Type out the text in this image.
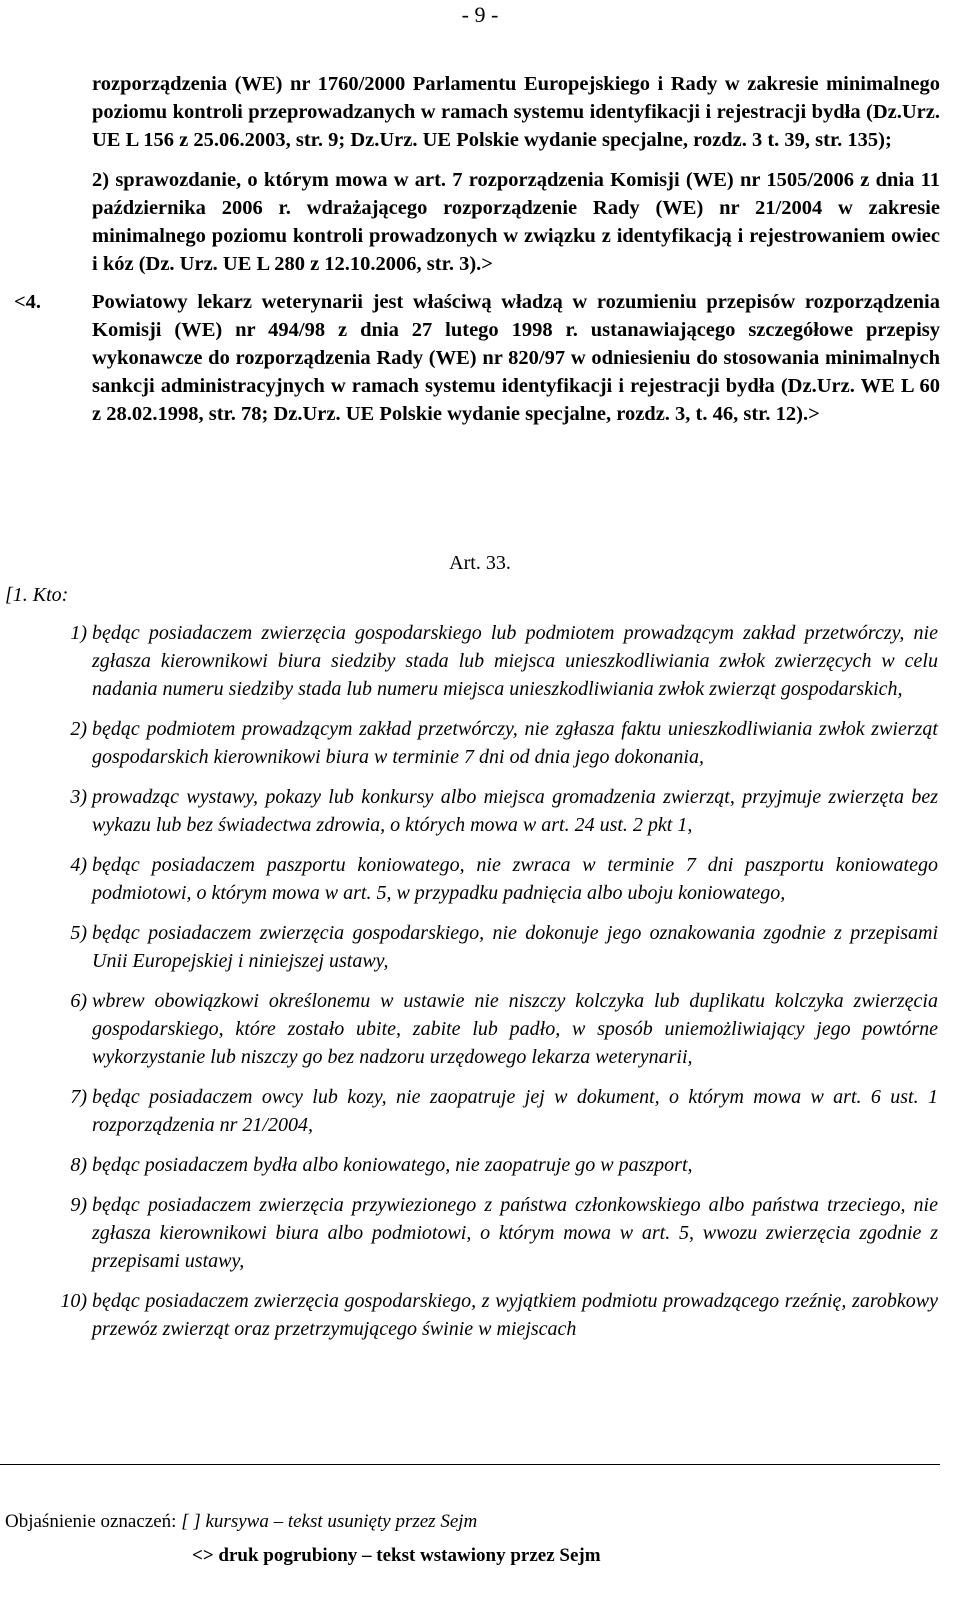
- 9 -

rozporządzenia (WE) nr 1760/2000 Parlamentu Europejskiego i Rady w zakresie minimalnego poziomu kontroli przeprowadzanych w ramach systemu identyfikacji i rejestracji bydła (Dz.Urz. UE L 156 z 25.06.2003, str. 9; Dz.Urz. UE Polskie wydanie specjalne, rozdz. 3 t. 39, str. 135);

2) sprawozdanie, o którym mowa w art. 7 rozporządzenia Komisji (WE) nr 1505/2006 z dnia 11 października 2006 r. wdrażającego rozporządzenie Rady (WE) nr 21/2004 w zakresie minimalnego poziomu kontroli prowadzonych w związku z identyfikacją i rejestrowaniem owiec i kóz (Dz. Urz. UE L 280 z 12.10.2006, str. 3).>

<4. Powiatowy lekarz weterynarii jest właściwą władzą w rozumieniu przepisów rozporządzenia Komisji (WE) nr 494/98 z dnia 27 lutego 1998 r. ustanawiającego szczegółowe przepisy wykonawcze do rozporządzenia Rady (WE) nr 820/97 w odniesieniu do stosowania minimalnych sankcji administracyjnych w ramach systemu identyfikacji i rejestracji bydła (Dz.Urz. WE L 60 z 28.02.1998, str. 78; Dz.Urz. UE Polskie wydanie specjalne, rozdz. 3, t. 46, str. 12).>

Art. 33.
[1. Kto:
1) będąc posiadaczem zwierzęcia gospodarskiego lub podmiotem prowadzącym zakład przetwórczy, nie zgłasza kierownikowi biura siedziby stada lub miejsca unieszkodliwiania zwłok zwierzęcych w celu nadania numeru siedziby stada lub numeru miejsca unieszkodliwiania zwłok zwierząt gospodarskich,
2) będąc podmiotem prowadzącym zakład przetwórczy, nie zgłasza faktu unieszkodliwiania zwłok zwierząt gospodarskich kierownikowi biura w terminie 7 dni od dnia jego dokonania,
3) prowadząc wystawy, pokazy lub konkursy albo miejsca gromadzenia zwierząt, przyjmuje zwierzęta bez wykazu lub bez świadectwa zdrowia, o których mowa w art. 24 ust. 2 pkt 1,
4) będąc posiadaczem paszportu koniowatego, nie zwraca w terminie 7 dni paszportu koniowatego podmiotowi, o którym mowa w art. 5, w przypadku padnięcia albo uboju koniowatego,
5) będąc posiadaczem zwierzęcia gospodarskiego, nie dokonuje jego oznakowania zgodnie z przepisami Unii Europejskiej i niniejszej ustawy,
6) wbrew obowiązkowi określonemu w ustawie nie niszczy kolczyka lub duplikatu kolczyka zwierzęcia gospodarskiego, które zostało ubite, zabite lub padło, w sposób uniemożliwiający jego powtórne wykorzystanie lub niszczy go bez nadzoru urzędowego lekarza weterynarii,
7) będąc posiadaczem owcy lub kozy, nie zaopatruje jej w dokument, o którym mowa w art. 6 ust. 1 rozporządzenia nr 21/2004,
8) będąc posiadaczem bydła albo koniowatego, nie zaopatruje go w paszport,
9) będąc posiadaczem zwierzęcia przywiezionego z państwa członkowskiego albo państwa trzeciego, nie zgłasza kierownikowi biura albo podmiotowi, o którym mowa w art. 5, wwozu zwierzęcia zgodnie z przepisami ustawy,
10) będąc posiadaczem zwierzęcia gospodarskiego, z wyjątkiem podmiotu prowadzącego rzeźnię, zarobkowy przewóz zwierząt oraz przetrzymującego świnie w miejscach
Objaśnienie oznaczeń: [ ] kursywa – tekst usunięty przez Sejm
<> druk pogrubiony – tekst wstawiony przez Sejm
